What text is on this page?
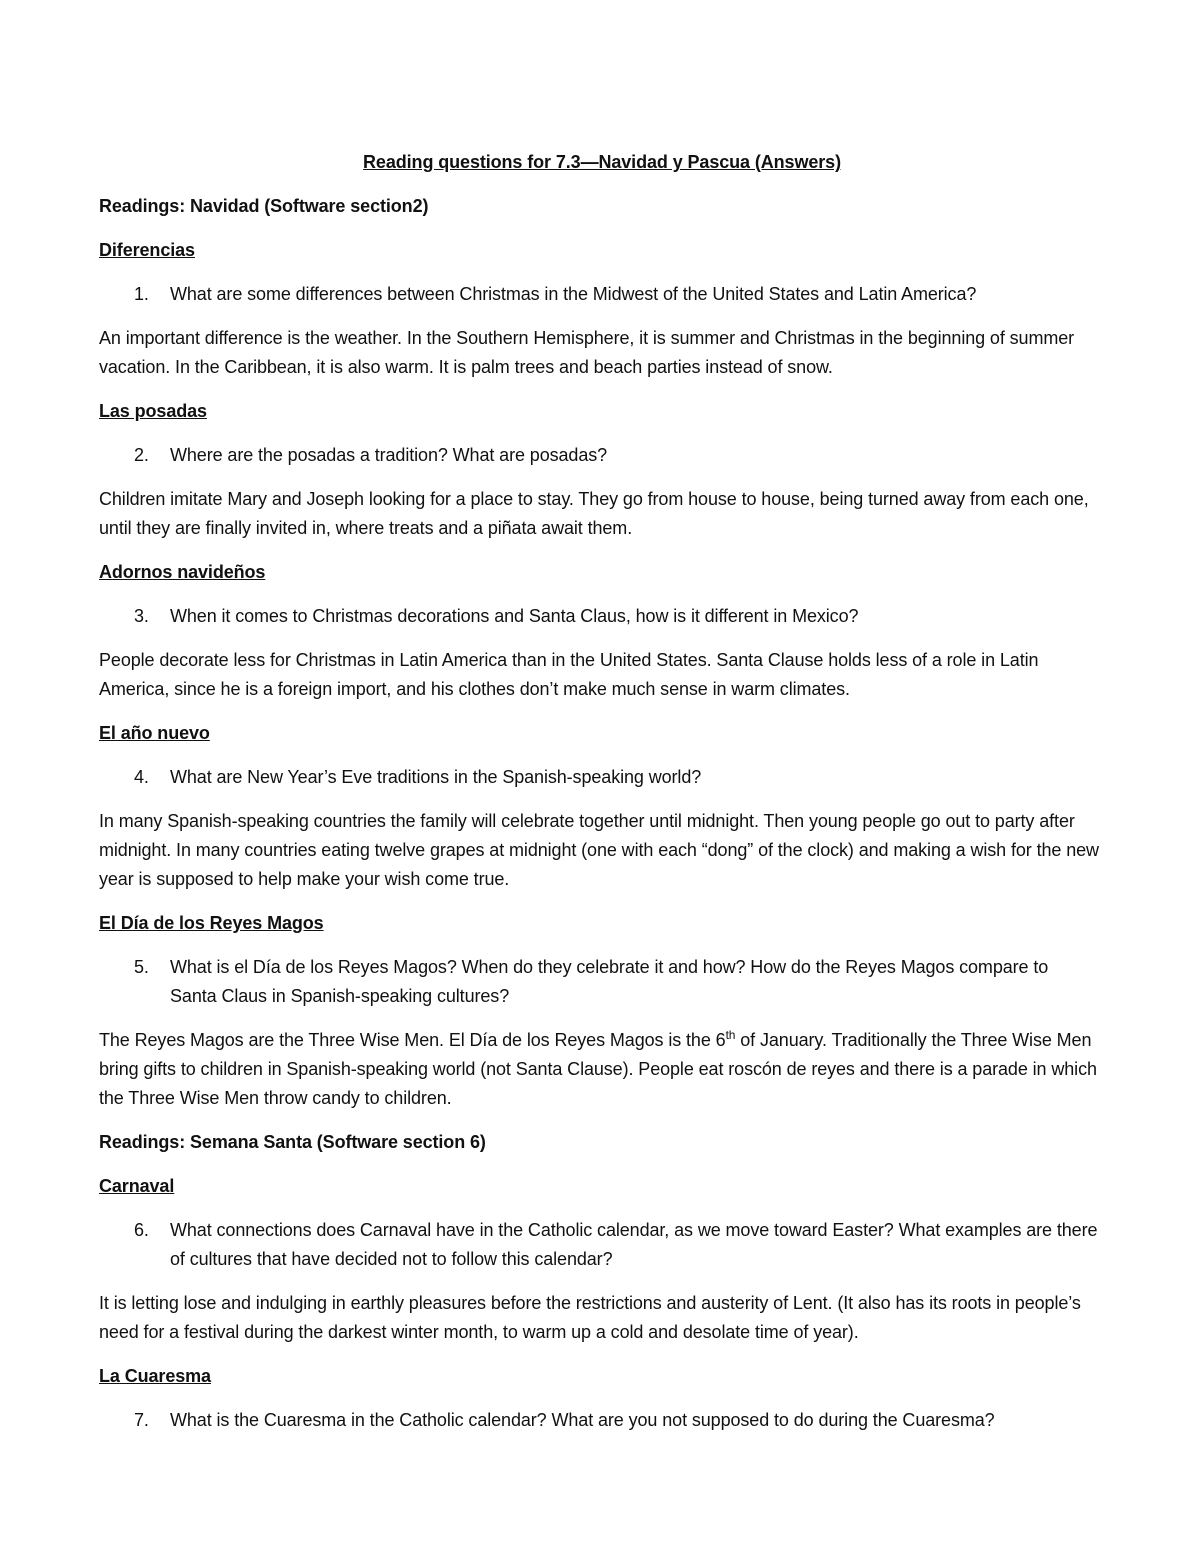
Reading questions for 7.3—Navidad y Pascua (Answers)
Readings: Navidad (Software section2)
Diferencias
1.	What are some differences between Christmas in the Midwest of the United States and Latin America?
An important difference is the weather. In the Southern Hemisphere, it is summer and Christmas in the beginning of summer vacation. In the Caribbean, it is also warm. It is palm trees and beach parties instead of snow.
Las posadas
2.	Where are the posadas a tradition? What are posadas?
Children imitate Mary and Joseph looking for a place to stay. They go from house to house, being turned away from each one, until they are finally invited in, where treats and a piñata await them.
Adornos navideños
3.	When it comes to Christmas decorations and Santa Claus, how is it different in Mexico?
People decorate less for Christmas in Latin America than in the United States. Santa Clause holds less of a role in Latin America, since he is a foreign import, and his clothes don’t make much sense in warm climates.
El año nuevo
4.	What are New Year’s Eve traditions in the Spanish-speaking world?
In many Spanish-speaking countries the family will celebrate together until midnight. Then young people go out to party after midnight. In many countries eating twelve grapes at midnight (one with each “dong” of the clock) and making a wish for the new year is supposed to help make your wish come true.
El Día de los Reyes Magos
5.	What is el Día de los Reyes Magos? When do they celebrate it and how? How do the Reyes Magos compare to Santa Claus in Spanish-speaking cultures?
The Reyes Magos are the Three Wise Men. El Día de los Reyes Magos is the 6th of January. Traditionally the Three Wise Men bring gifts to children in Spanish-speaking world (not Santa Clause). People eat roscón de reyes and there is a parade in which the Three Wise Men throw candy to children.
Readings: Semana Santa (Software section 6)
Carnaval
6.	What connections does Carnaval have in the Catholic calendar, as we move toward Easter? What examples are there of cultures that have decided not to follow this calendar?
It is letting lose and indulging in earthly pleasures before the restrictions and austerity of Lent. (It also has its roots in people’s need for a festival during the darkest winter month, to warm up a cold and desolate time of year).
La Cuaresma
7.	What is the Cuaresma in the Catholic calendar? What are you not supposed to do during the Cuaresma?
